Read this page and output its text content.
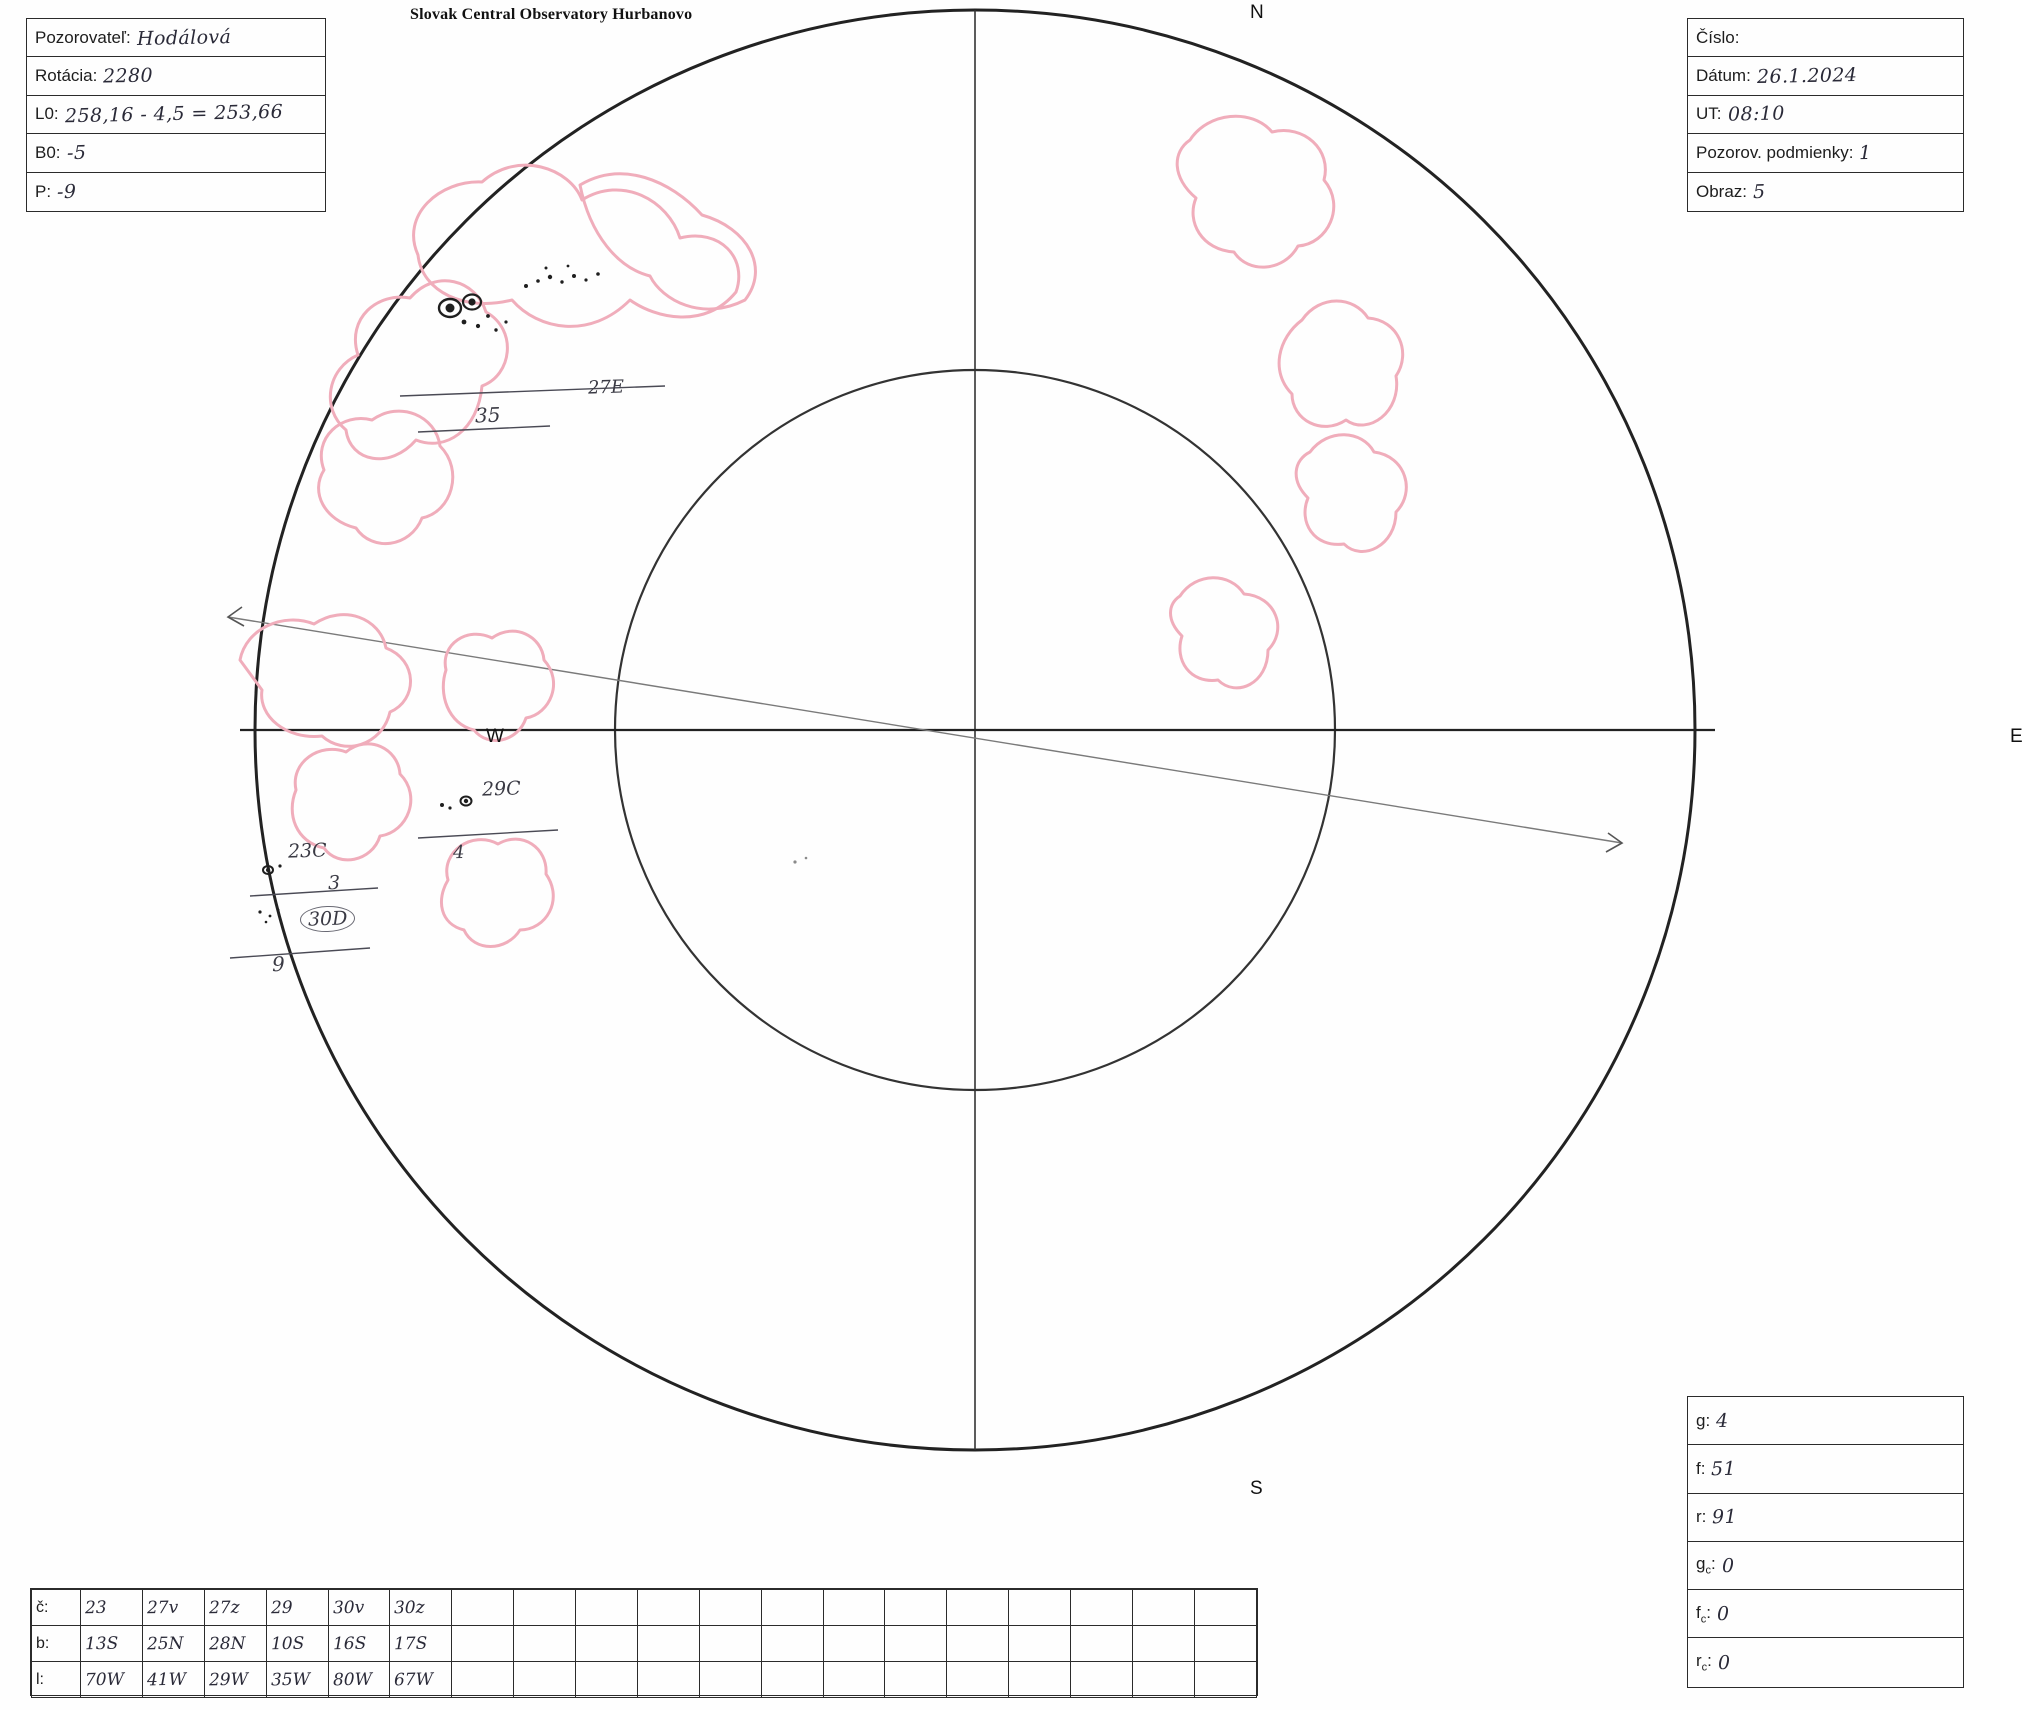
Slovak Central Observatory Hurbanovo
Pozorovateľ: Hodálová
Rotácia: 2280
L0: 258,16 - 4,5 = 253,66
B0: -5
P: -9
Číslo:
Dátum: 26.1.2024
UT: 08:10
Pozorov. podmienky: 1
Obraz: 5
g: 4
f: 51
r: 91
$g_c$: 0
$f_c$: 0
$r_c$: 0
č:	23	27v	27z	29	30v	30z													
b:	13S	25N	28N	10S	16S	17S													
l:	70W	41W	29W	35W	80W	67W													
N
S
W	E
27E
35
29C
4
23C
3
30D
9
